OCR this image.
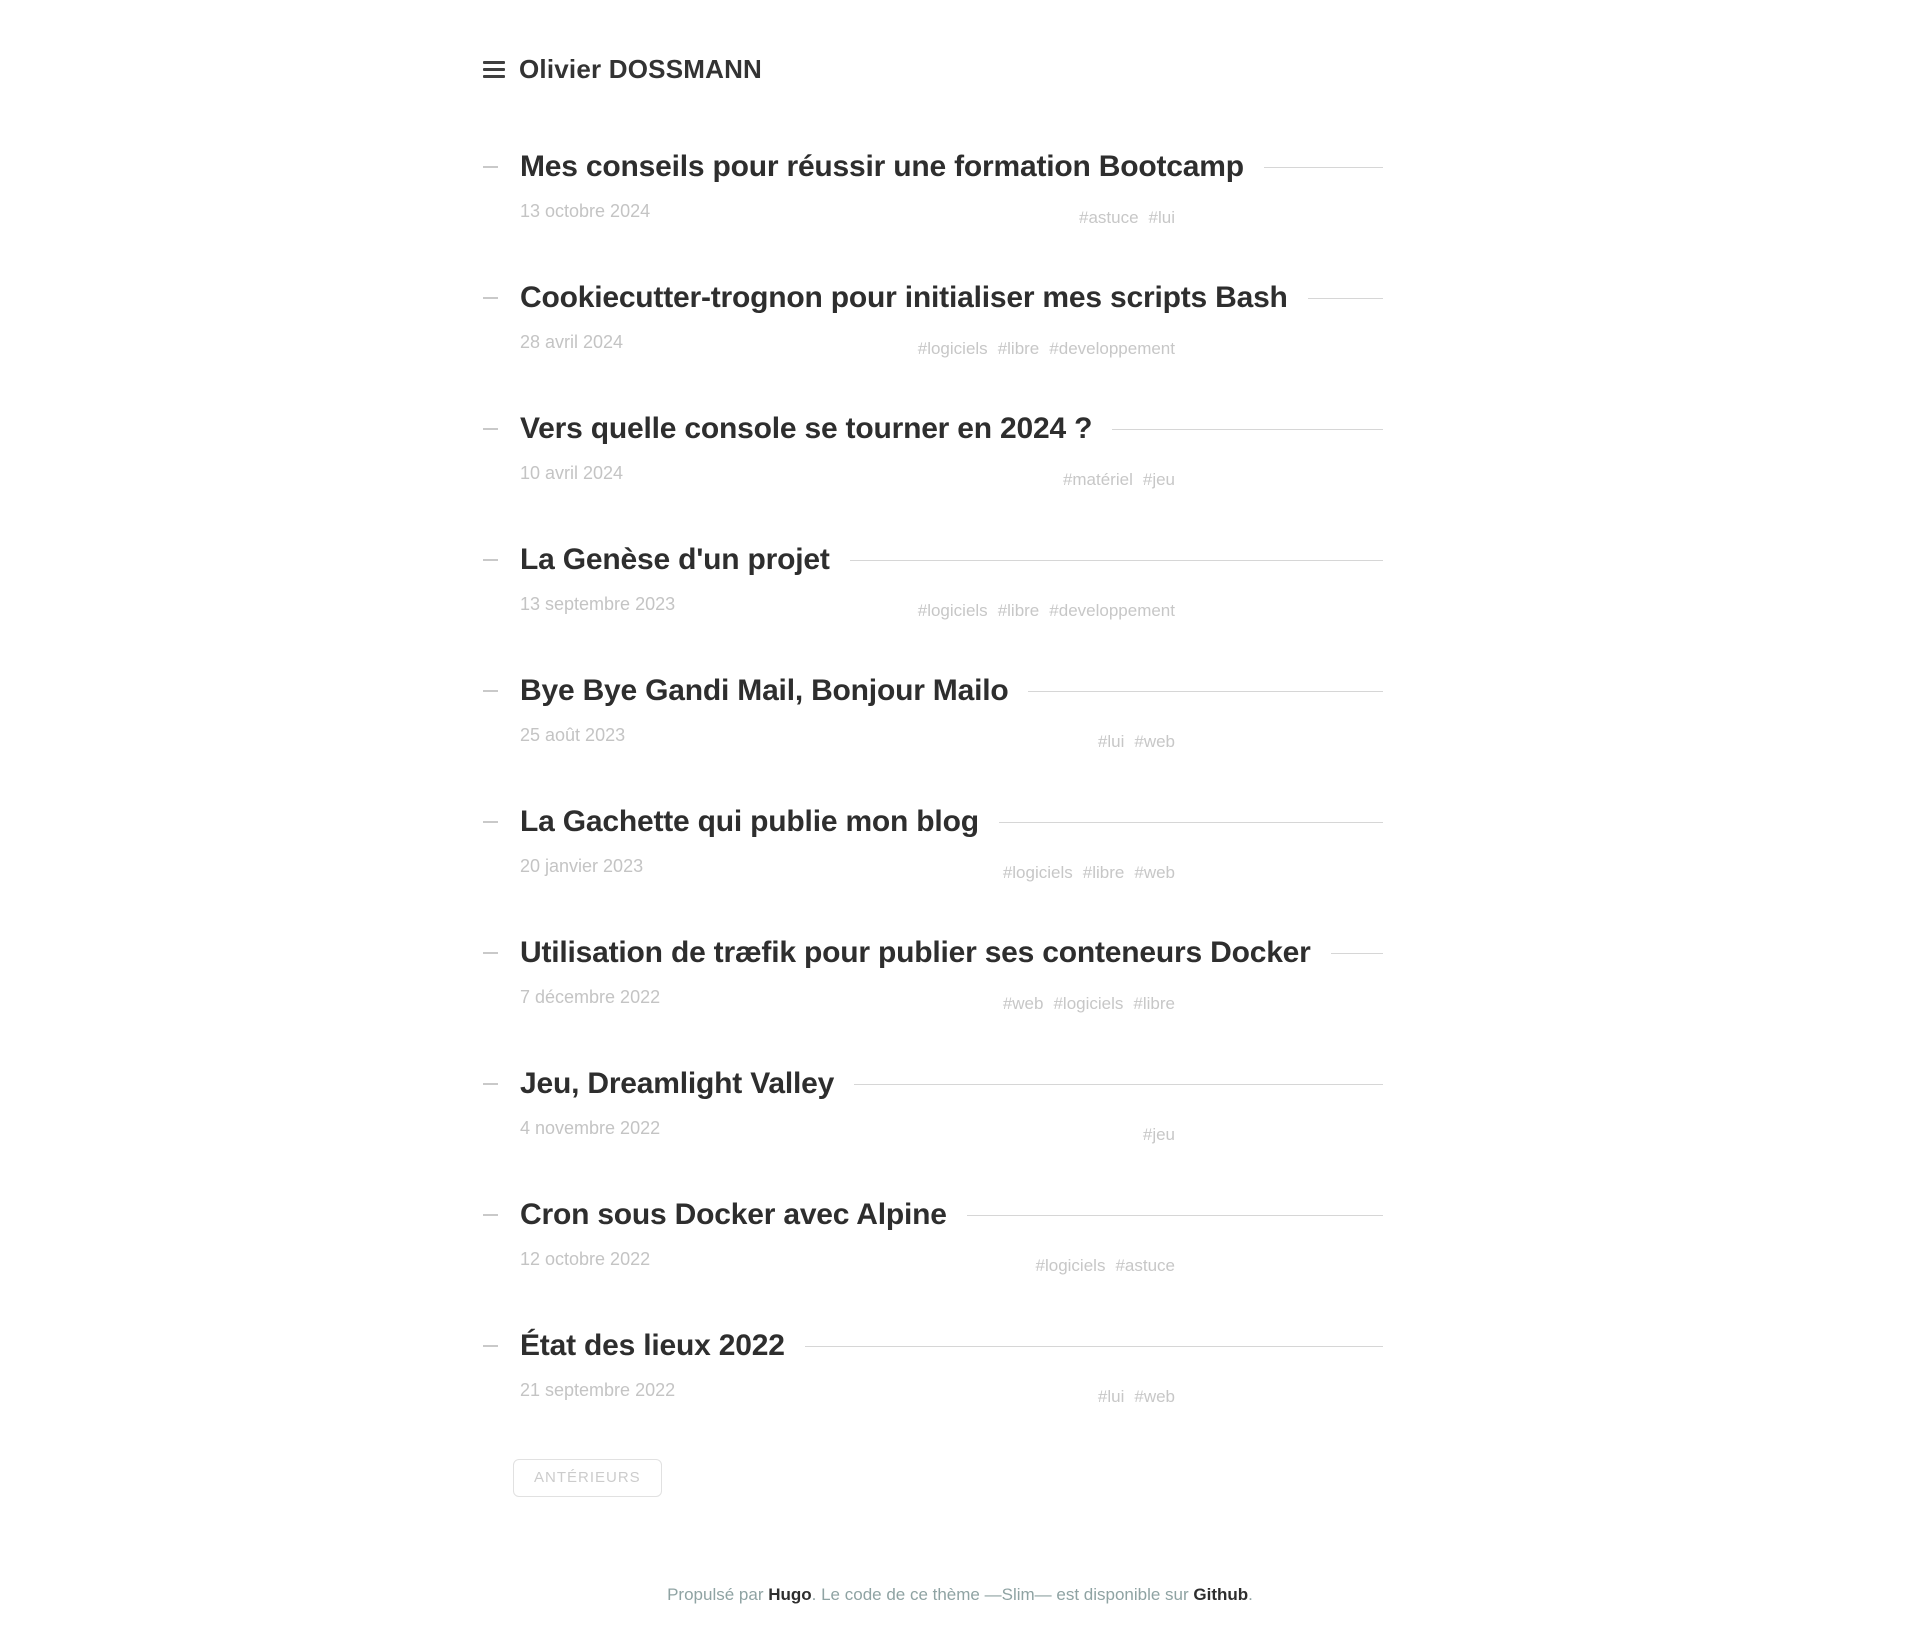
Olivier DOSSMANN
Mes conseils pour réussir une formation Bootcamp
13 octobre 2024	#astuce #lui
Cookiecutter-trognon pour initialiser mes scripts Bash
28 avril 2024	#logiciels #libre #developpement
Vers quelle console se tourner en 2024 ?
10 avril 2024	#matériel #jeu
La Genèse d'un projet
13 septembre 2023	#logiciels #libre #developpement
Bye Bye Gandi Mail, Bonjour Mailo
25 août 2023	#lui #web
La Gachette qui publie mon blog
20 janvier 2023	#logiciels #libre #web
Utilisation de træfik pour publier ses conteneurs Docker
7 décembre 2022	#web #logiciels #libre
Jeu, Dreamlight Valley
4 novembre 2022	#jeu
Cron sous Docker avec Alpine
12 octobre 2022	#logiciels #astuce
État des lieux 2022
21 septembre 2022	#lui #web
ANTÉRIEURS

Propulsé par Hugo. Le code de ce thème —Slim— est disponible sur Github.
